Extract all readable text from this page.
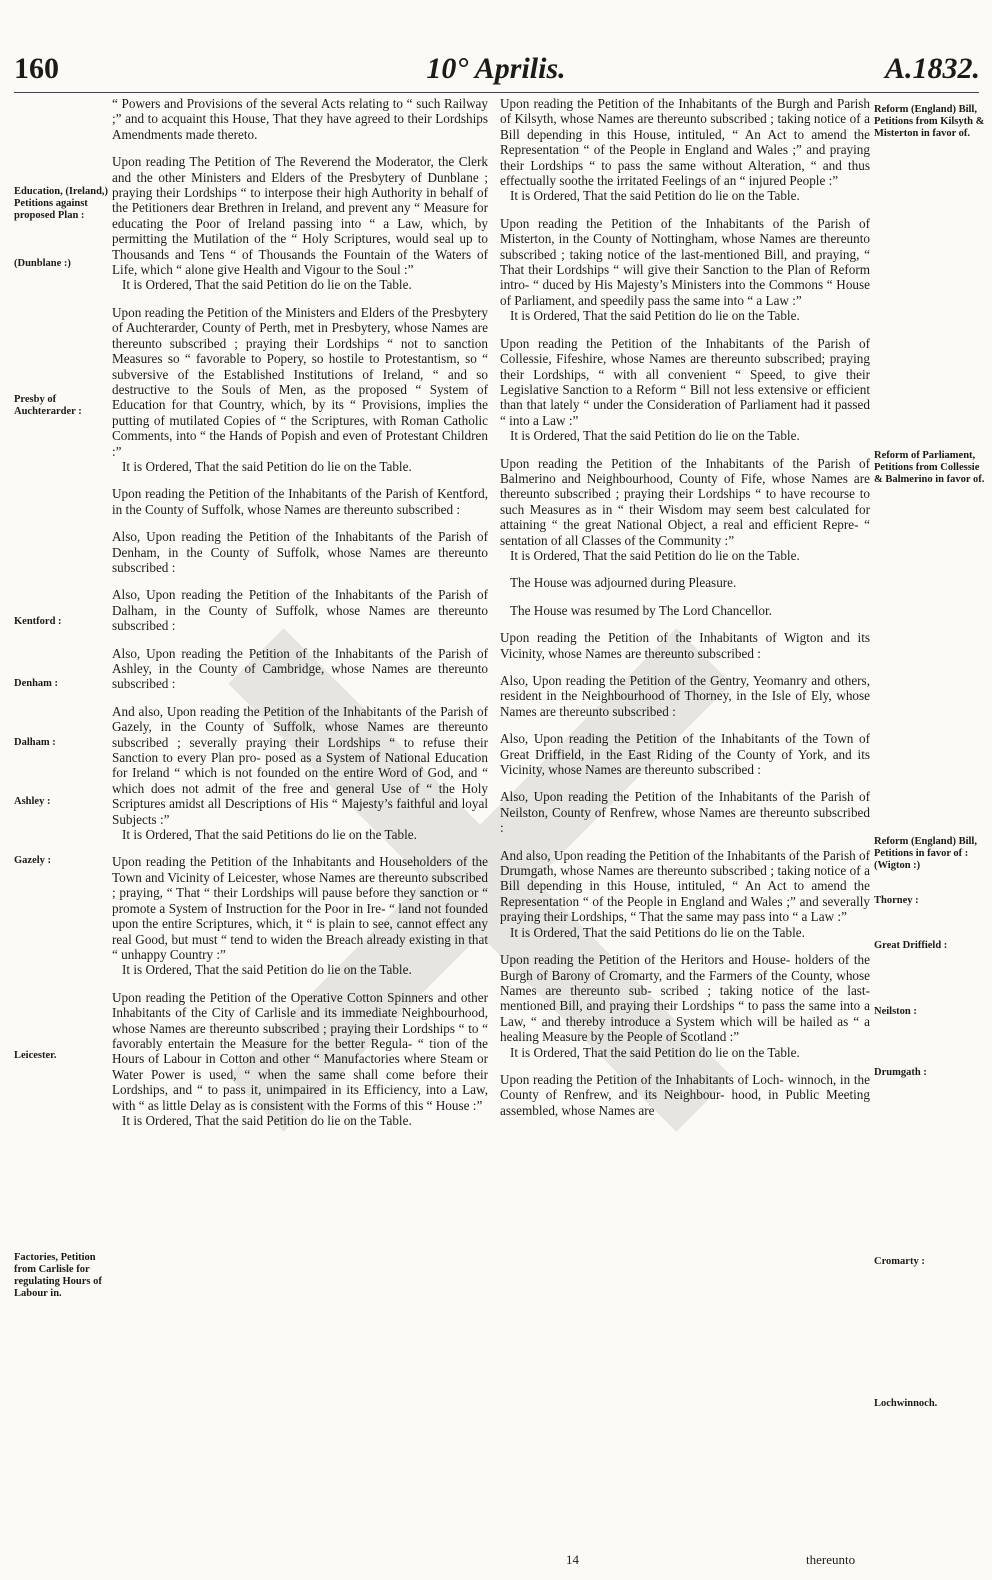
160	10° Aprilis.	A.1832.

“ Powers and Provisions of the several Acts relating to “ such Railway ;” and to acquaint this House, That they have agreed to their Lordships Amendments made thereto.

Upon reading The Petition of The Reverend the Moderator, the Clerk and the other Ministers and Elders of the Presbytery of Dunblane ; praying their Lordships “ to interpose their high Authority in behalf of the Petitioners dear Brethren in Ireland, and prevent any “ Measure for educating the Poor of Ireland passing into “ a Law, which, by permitting the Mutilation of the “ Holy Scriptures, would seal up to Thousands and Tens “ of Thousands the Fountain of the Waters of Life, which “ alone give Health and Vigour to the Soul :”

It is Ordered, That the said Petition do lie on the Table.

Upon reading the Petition of the Ministers and Elders of the Presbytery of Auchterarder, County of Perth, met in Presbytery, whose Names are thereunto subscribed ; praying their Lordships “ not to sanction Measures so “ favorable to Popery, so hostile to Protestantism, so “ subversive of the Established Institutions of Ireland, “ and so destructive to the Souls of Men, as the proposed “ System of Education for that Country, which, by its “ Provisions, implies the putting of mutilated Copies of “ the Scriptures, with Roman Catholic Comments, into “ the Hands of Popish and even of Protestant Children :”

It is Ordered, That the said Petition do lie on the Table.

Upon reading the Petition of the Inhabitants of the Parish of Kentford, in the County of Suffolk, whose Names are thereunto subscribed :

Also, Upon reading the Petition of the Inhabitants of the Parish of Denham, in the County of Suffolk, whose Names are thereunto subscribed :

Also, Upon reading the Petition of the Inhabitants of the Parish of Dalham, in the County of Suffolk, whose Names are thereunto subscribed :

Also, Upon reading the Petition of the Inhabitants of the Parish of Ashley, in the County of Cambridge, whose Names are thereunto subscribed :

And also, Upon reading the Petition of the Inhabitants of the Parish of Gazely, in the County of Suffolk, whose Names are thereunto subscribed ; severally praying their Lordships “ to refuse their Sanction to every Plan pro- posed as a System of National Education for Ireland “ which is not founded on the entire Word of God, and “ which does not admit of the free and general Use of “ the Holy Scriptures amidst all Descriptions of His “ Majesty’s faithful and loyal Subjects :”

It is Ordered, That the said Petitions do lie on the Table.

Upon reading the Petition of the Inhabitants and Householders of the Town and Vicinity of Leicester, whose Names are thereunto subscribed ; praying, “ That “ their Lordships will pause before they sanction or “ promote a System of Instruction for the Poor in Ire- “ land not founded upon the entire Scriptures, which, it “ is plain to see, cannot effect any real Good, but must “ tend to widen the Breach already existing in that “ unhappy Country :”

It is Ordered, That the said Petition do lie on the Table.

Upon reading the Petition of the Operative Cotton Spinners and other Inhabitants of the City of Carlisle and its immediate Neighbourhood, whose Names are thereunto subscribed ; praying their Lordships “ to “ favorably entertain the Measure for the better Regula- “ tion of the Hours of Labour in Cotton and other “ Manufactories where Steam or Water Power is used, “ when the same shall come before their Lordships, and “ to pass it, unimpaired in its Efficiency, into a Law, with “ as little Delay as is consistent with the Forms of this “ House :”

It is Ordered, That the said Petition do lie on the Table.

Upon reading the Petition of the Inhabitants of the Burgh and Parish of Kilsyth, whose Names are thereunto subscribed ; taking notice of a Bill depending in this House, intituled, “ An Act to amend the Representation “ of the People in England and Wales ;” and praying their Lordships “ to pass the same without Alteration, “ and thus effectually soothe the irritated Feelings of an “ injured People :”

It is Ordered, That the said Petition do lie on the Table.

Upon reading the Petition of the Inhabitants of the Parish of Misterton, in the County of Nottingham, whose Names are thereunto subscribed ; taking notice of the last-mentioned Bill, and praying, “ That their Lordships “ will give their Sanction to the Plan of Reform intro- “ duced by His Majesty’s Ministers into the Commons “ House of Parliament, and speedily pass the same into “ a Law :”

It is Ordered, That the said Petition do lie on the Table.

Upon reading the Petition of the Inhabitants of the Parish of Collessie, Fifeshire, whose Names are thereunto subscribed; praying their Lordships, “ with all convenient “ Speed, to give their Legislative Sanction to a Reform “ Bill not less extensive or efficient than that lately “ under the Consideration of Parliament had it passed “ into a Law :”

It is Ordered, That the said Petition do lie on the Table.

Upon reading the Petition of the Inhabitants of the Parish of Balmerino and Neighbourhood, County of Fife, whose Names are thereunto subscribed ; praying their Lordships “ to have recourse to such Measures as in “ their Wisdom may seem best calculated for attaining “ the great National Object, a real and efficient Repre- “ sentation of all Classes of the Community :”

It is Ordered, That the said Petition do lie on the Table.

The House was adjourned during Pleasure.

The House was resumed by The Lord Chancellor.

Upon reading the Petition of the Inhabitants of Wigton and its Vicinity, whose Names are thereunto subscribed :

Also, Upon reading the Petition of the Gentry, Yeomanry and others, resident in the Neighbourhood of Thorney, in the Isle of Ely, whose Names are thereunto subscribed :

Also, Upon reading the Petition of the Inhabitants of the Town of Great Driffield, in the East Riding of the County of York, and its Vicinity, whose Names are thereunto subscribed :

Also, Upon reading the Petition of the Inhabitants of the Parish of Neilston, County of Renfrew, whose Names are thereunto subscribed :

And also, Upon reading the Petition of the Inhabitants of the Parish of Drumgath, whose Names are thereunto subscribed ; taking notice of a Bill depending in this House, intituled, “ An Act to amend the Representation “ of the People in England and Wales ;” and severally praying their Lordships, “ That the same may pass into “ a Law :”

It is Ordered, That the said Petitions do lie on the Table.

Upon reading the Petition of the Heritors and House- holders of the Burgh of Barony of Cromarty, and the Farmers of the County, whose Names are thereunto sub- scribed ; taking notice of the last-mentioned Bill, and praying their Lordships “ to pass the same into a Law, “ and thereby introduce a System which will be hailed as “ a healing Measure by the People of Scotland :”

It is Ordered, That the said Petition do lie on the Table.

Upon reading the Petition of the Inhabitants of Loch- winnoch, in the County of Renfrew, and its Neighbour- hood, in Public Meeting assembled, whose Names are

Education, (Ireland,) Petitions against proposed Plan :
(Dunblane :)
Presby of Auchterarder :
Kentford :
Denham :
Dalham :
Ashley :
Gazely :
Leicester.
Factories, Petition from Carlisle for regulating Hours of Labour in.
Reform (England) Bill, Petitions from Kilsyth & Misterton in favor of.
Reform of Parliament, Petitions from Collessie & Balmerino in favor of.
Reform (England) Bill, Petitions in favor of : (Wigton :)
Thorney :
Great Driffield :
Neilston :
Drumgath :
Cromarty :
Lochwinnoch.
14	thereunto
